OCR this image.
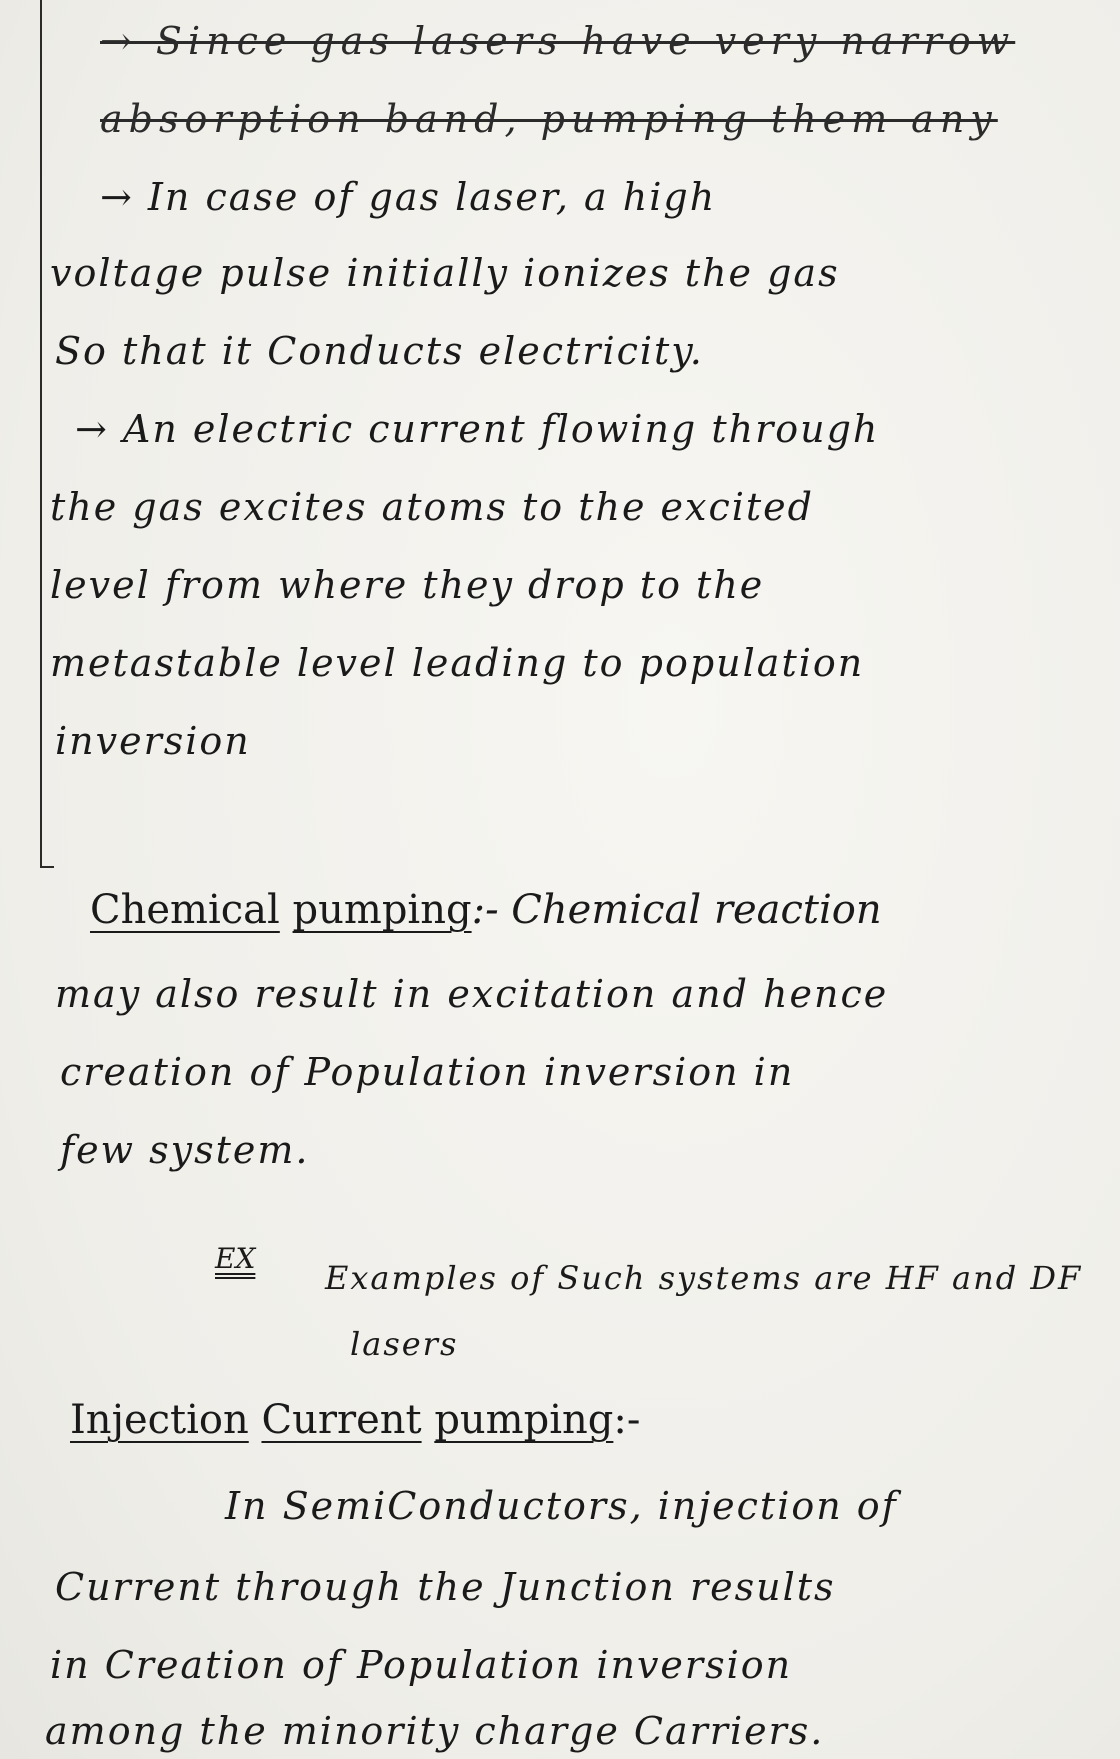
→ Since gas lasers have very narrow
absorption band, pumping them any
→ In case of gas laser, a high
voltage pulse initially ionizes the gas
So that it Conducts electricity.
→ An electric current flowing through
the gas excites atoms to the excited
level from where they drop to the
metastable level leading to population
inversion
Chemical pumping:- Chemical reaction
may also result in excitation and hence
creation of Population inversion in
few system.
EX
Examples of Such systems are HF and DF
lasers
Injection Current pumping:-
In SemiConductors, injection of
Current through the Junction results
in Creation of Population inversion
among the minority charge Carriers.
